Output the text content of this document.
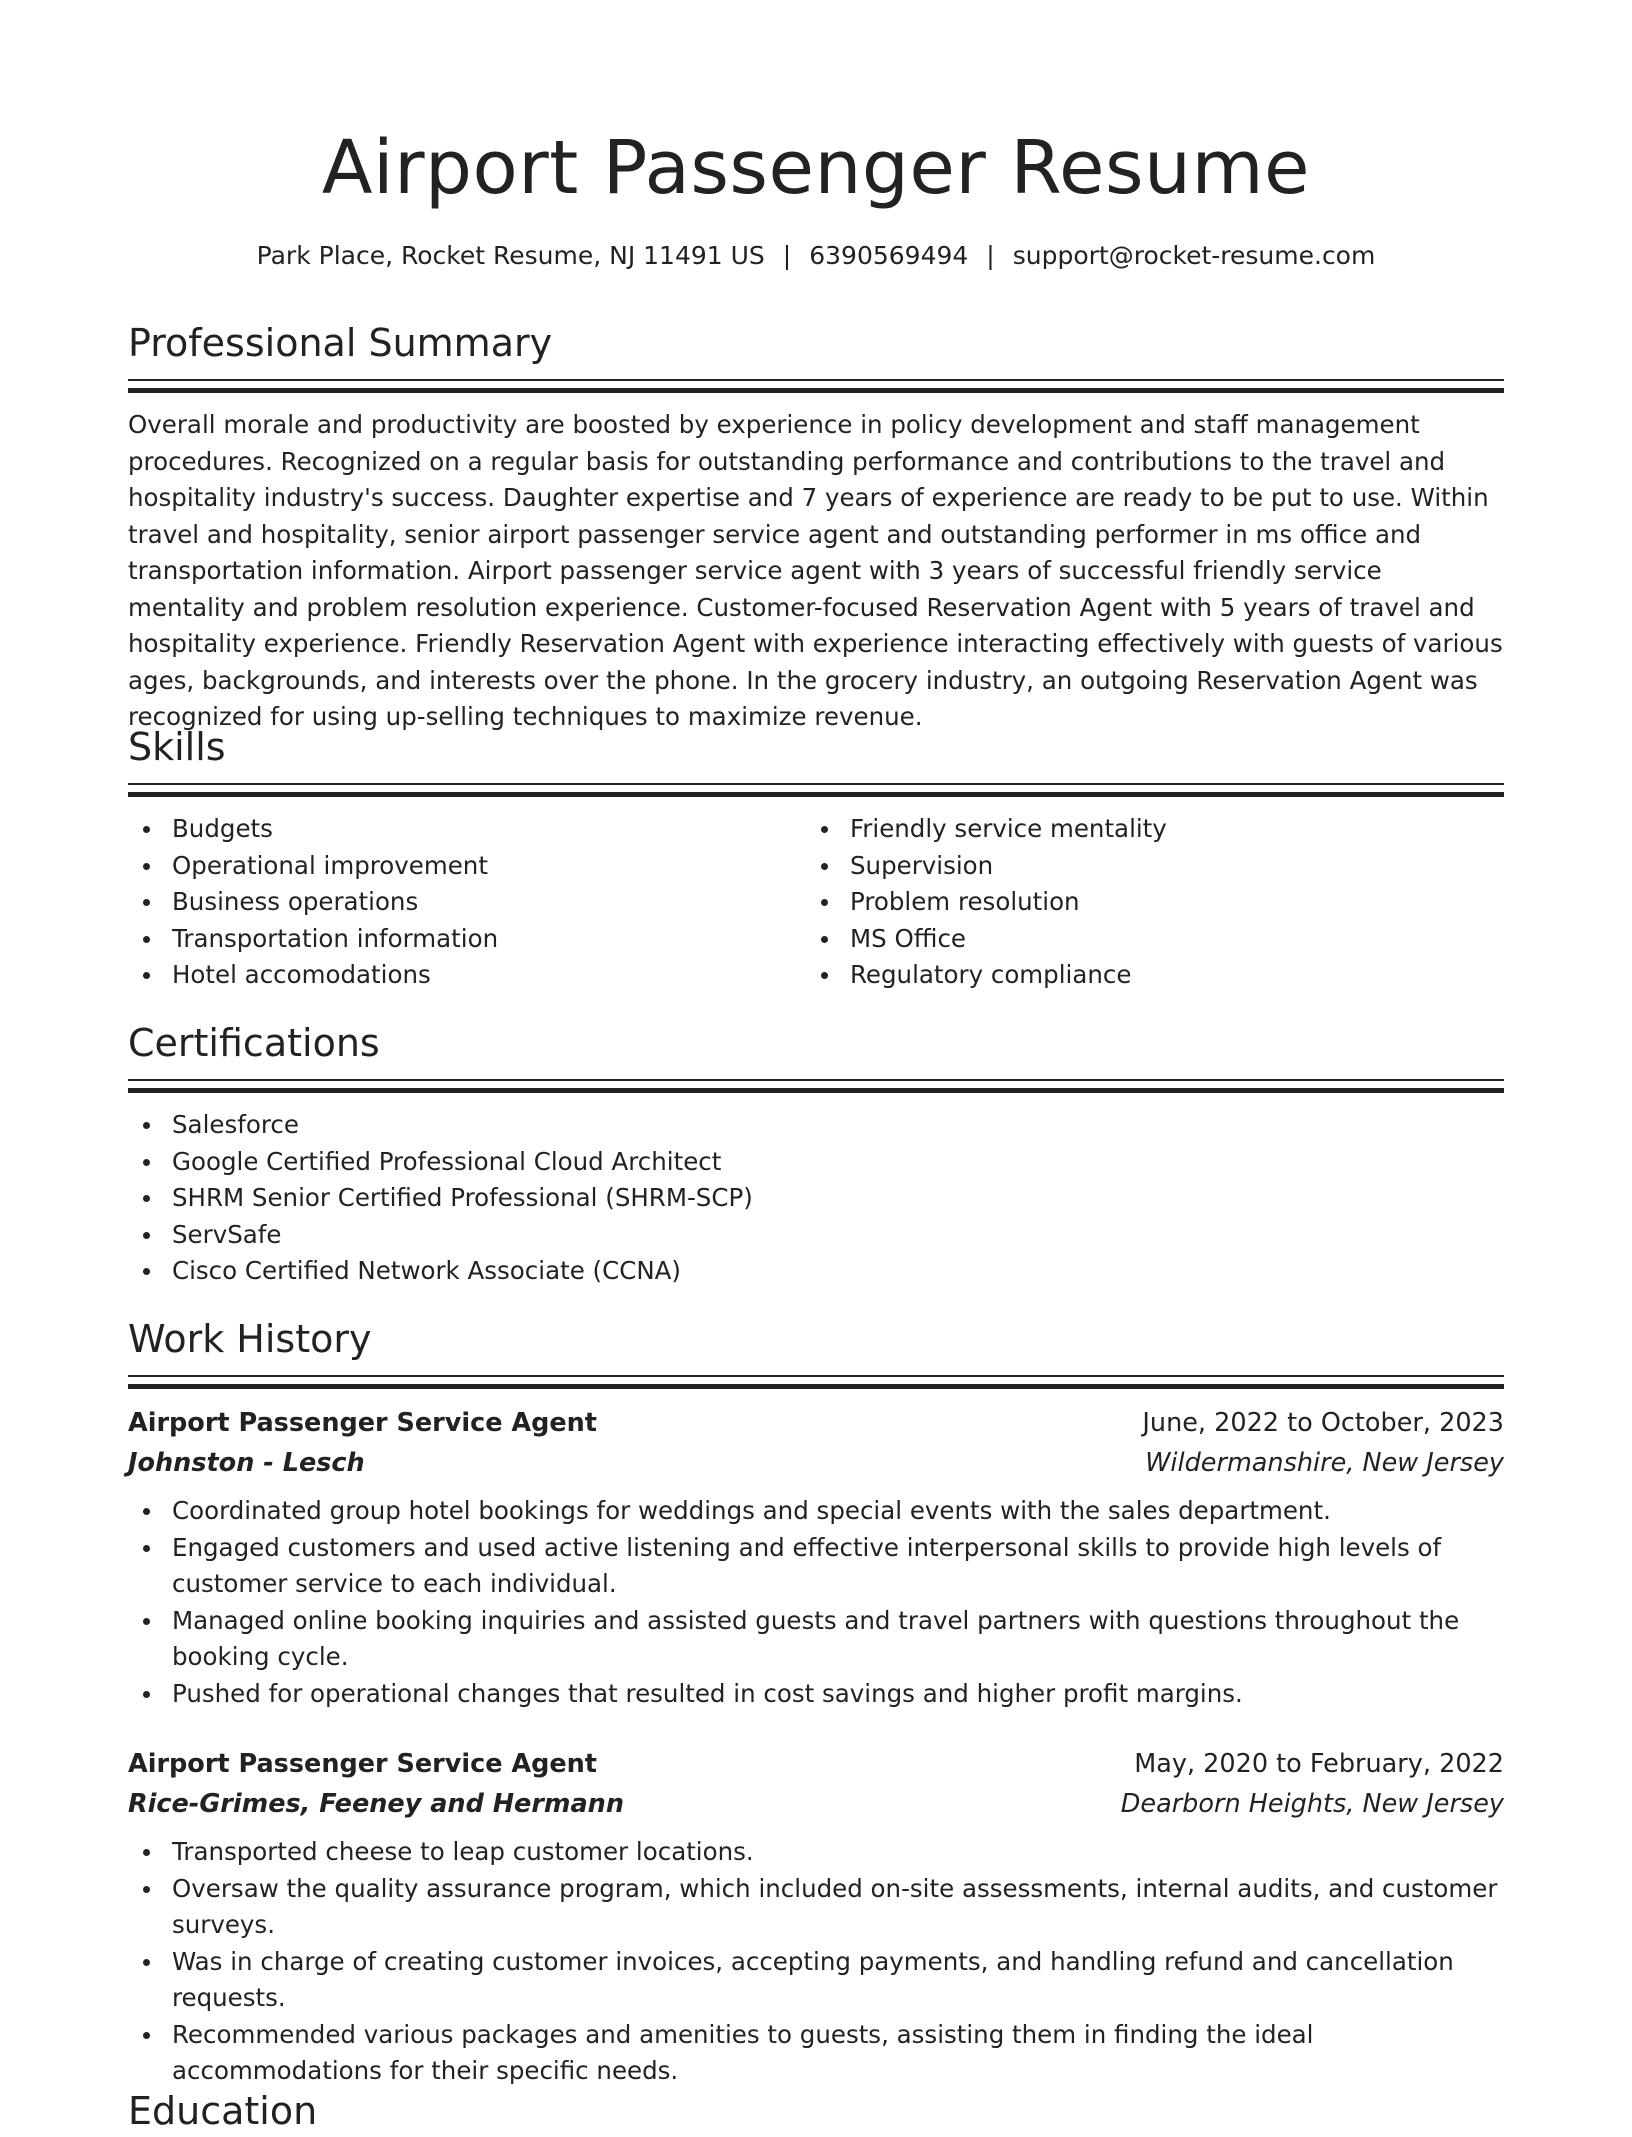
Airport Passenger Resume
Park Place, Rocket Resume, NJ 11491 US | 6390569494 | support@rocket-resume.com
Professional Summary

Overall morale and productivity are boosted by experience in policy development and staff management procedures. Recognized on a regular basis for outstanding performance and contributions to the travel and hospitality industry's success. Daughter expertise and 7 years of experience are ready to be put to use. Within travel and hospitality, senior airport passenger service agent and outstanding performer in ms office and transportation information. Airport passenger service agent with 3 years of successful friendly service mentality and problem resolution experience. Customer-focused Reservation Agent with 5 years of travel and hospitality experience. Friendly Reservation Agent with experience interacting effectively with guests of various ages, backgrounds, and interests over the phone. In the grocery industry, an outgoing Reservation Agent was recognized for using up-selling techniques to maximize revenue.

Skills
Budgets
Operational improvement
Business operations
Transportation information
Hotel accomodations
Friendly service mentality
Supervision
Problem resolution
MS Office
Regulatory compliance
Certifications
Salesforce
Google Certified Professional Cloud Architect
SHRM Senior Certified Professional (SHRM-SCP)
ServSafe
Cisco Certified Network Associate (CCNA)
Work History
Airport Passenger Service Agent	June, 2022 to October, 2023
Johnston - Lesch	Wildermanshire, New Jersey
Coordinated group hotel bookings for weddings and special events with the sales department.
Engaged customers and used active listening and effective interpersonal skills to provide high levels of customer service to each individual.
Managed online booking inquiries and assisted guests and travel partners with questions throughout the booking cycle.
Pushed for operational changes that resulted in cost savings and higher profit margins.
Airport Passenger Service Agent	May, 2020 to February, 2022
Rice-Grimes, Feeney and Hermann	Dearborn Heights, New Jersey
Transported cheese to leap customer locations.
Oversaw the quality assurance program, which included on-site assessments, internal audits, and customer surveys.
Was in charge of creating customer invoices, accepting payments, and handling refund and cancellation requests.
Recommended various packages and amenities to guests, assisting them in finding the ideal accommodations for their specific needs.
Education
